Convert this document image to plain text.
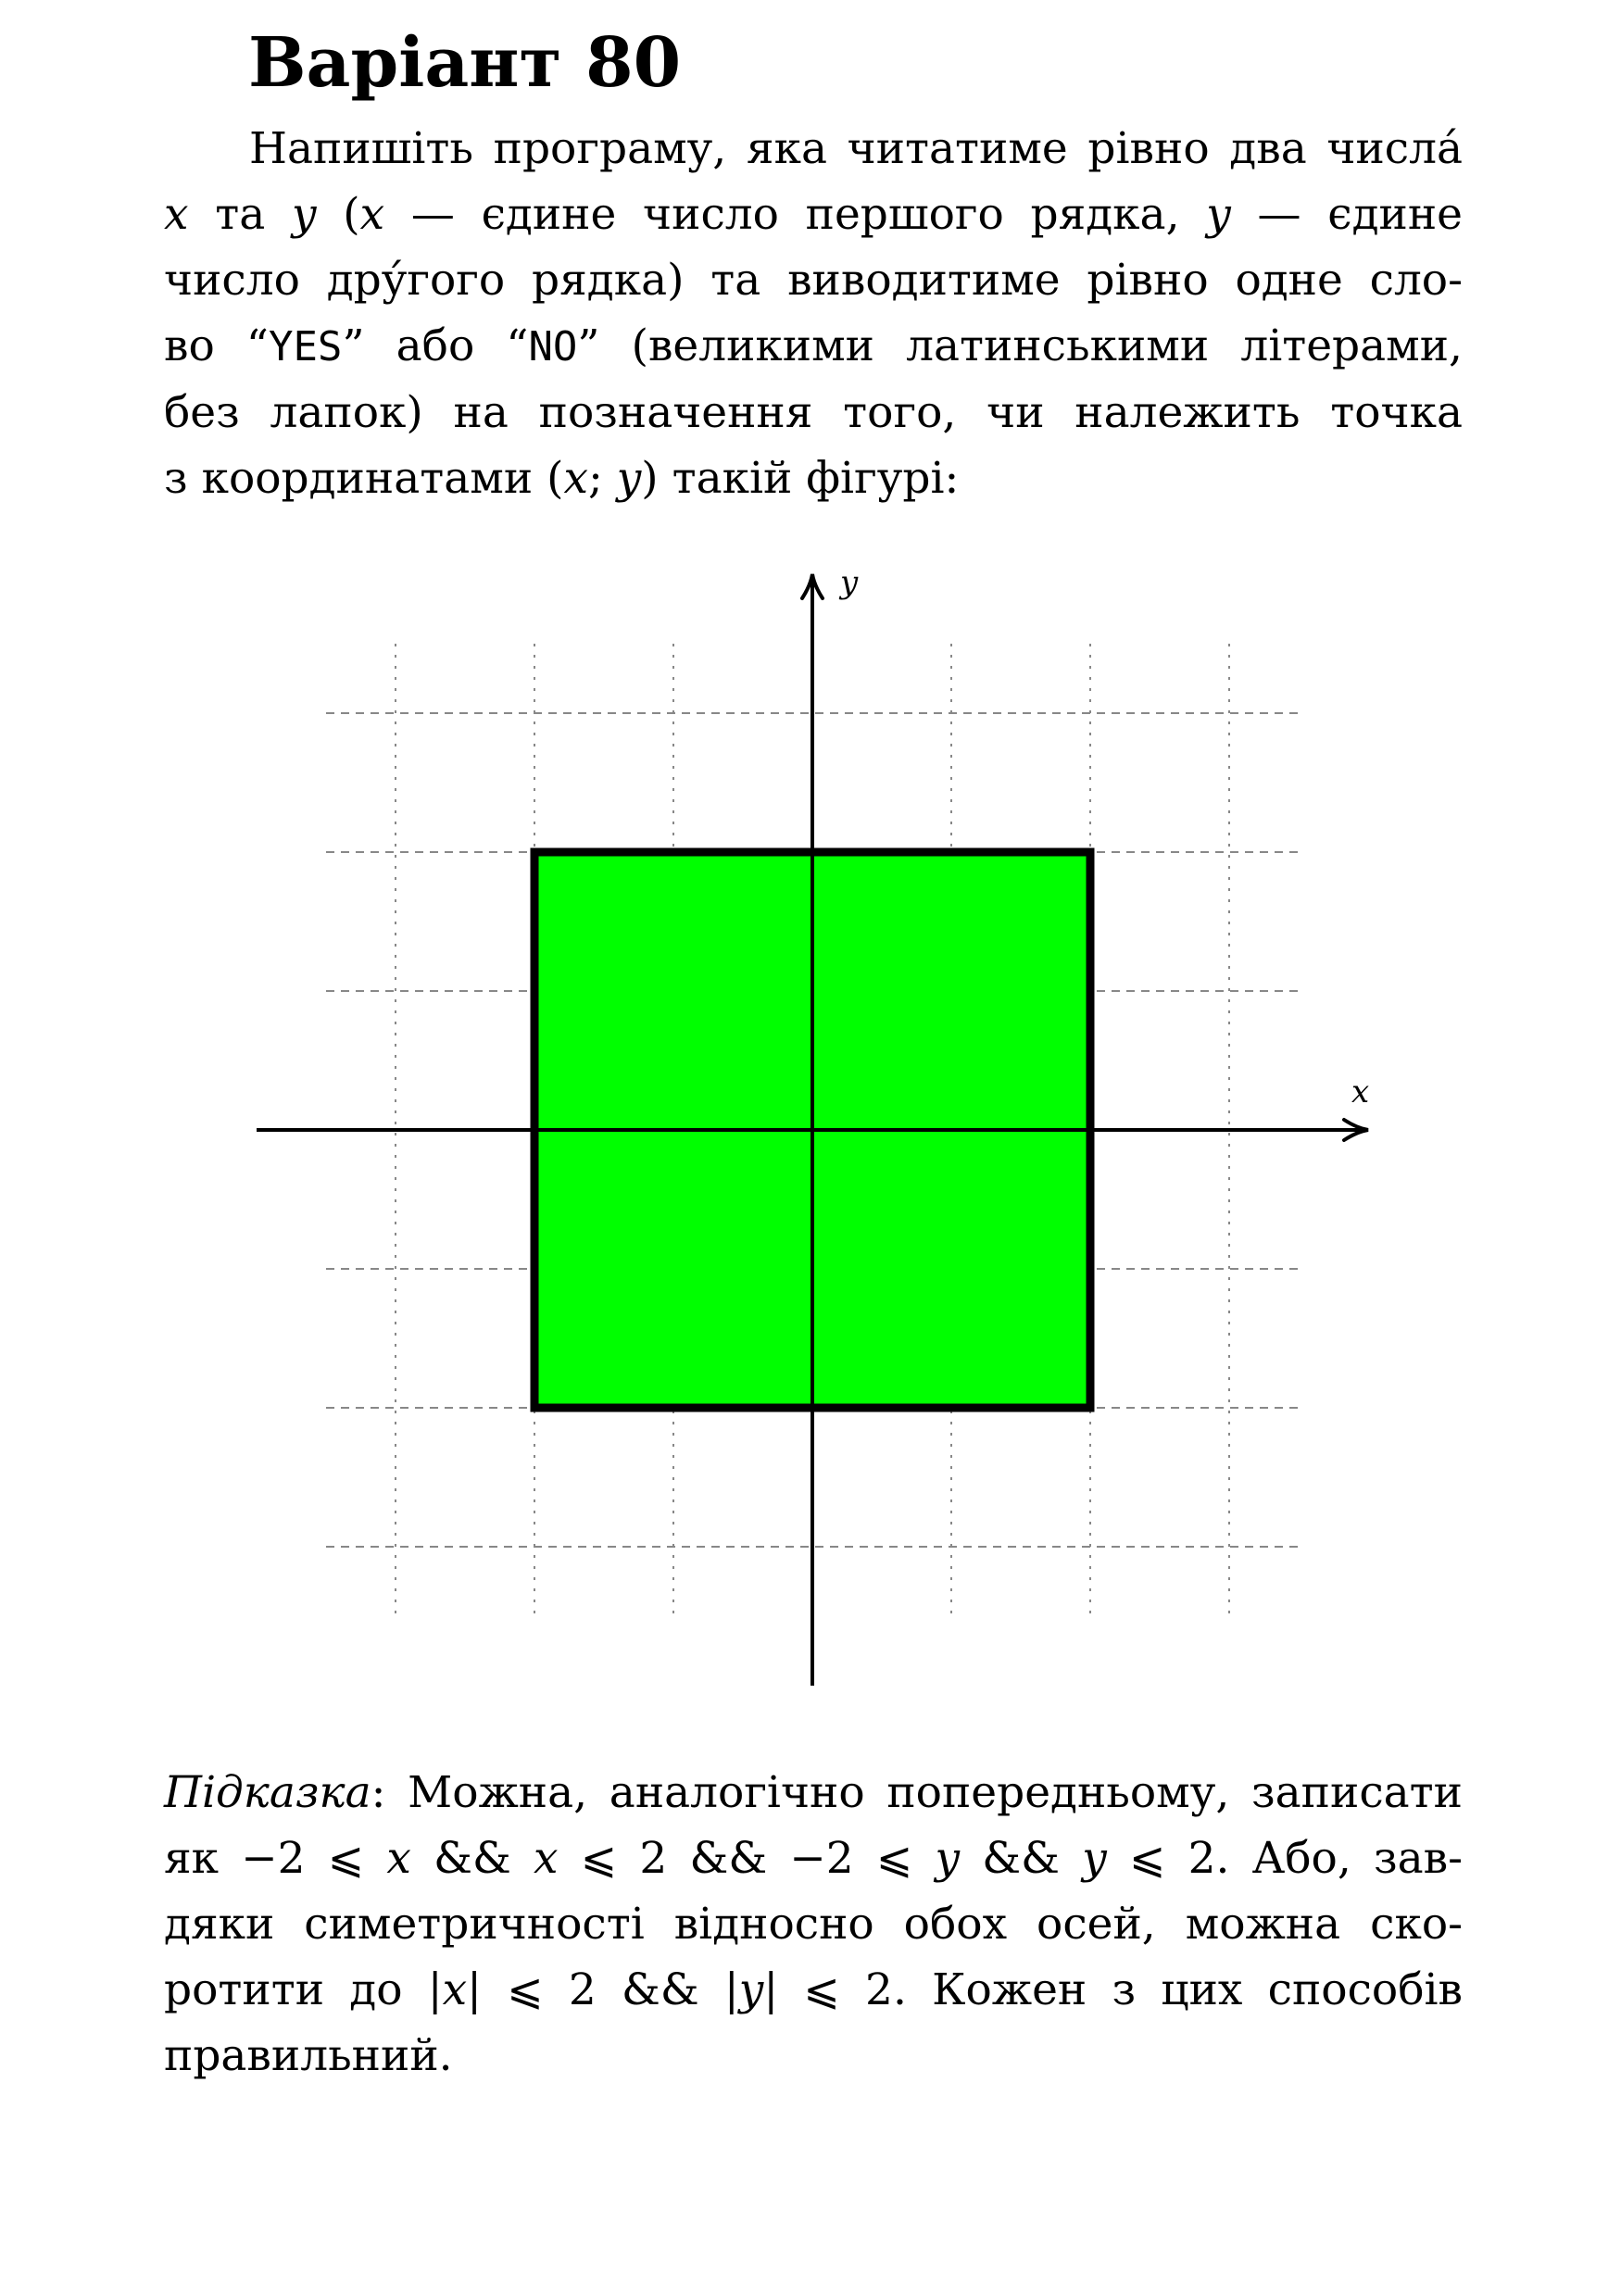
Варіант 80
Напишіть програму, яка читатиме рівно два числа́
x та y (x — єдине число першого рядка, y — єдине
число дру́гого рядка) та виводитиме рівно одне сло-
во “YES” або “NO” (великими латинськими літерами,
без лапок) на позначення того, чи належить точка
з координатами (x; y) такій фігурі:
x
y
Підказка: Можна, аналогічно попередньому, записати
як −2 ⩽ x && x ⩽ 2 && −2 ⩽ y && y ⩽ 2. Або, зав-
дяки симетричності відносно обох осей, можна ско-
ротити до |x| ⩽ 2 && |y| ⩽ 2. Кожен з цих способів
правильний.
